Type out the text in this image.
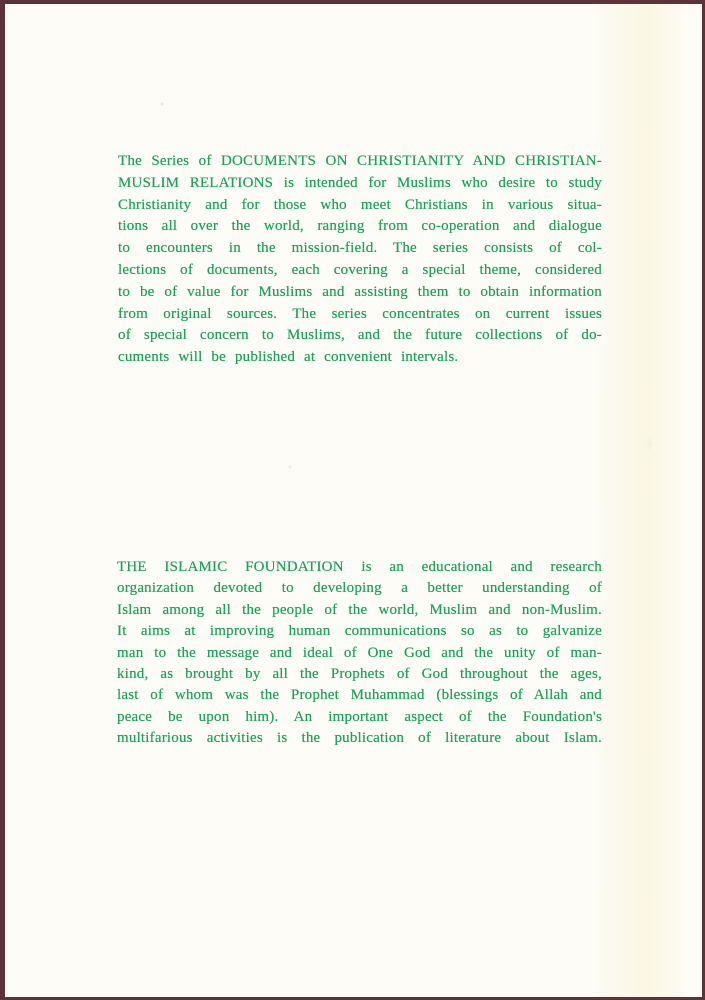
The Series of DOCUMENTS ON CHRISTIANITY AND CHRISTIAN-
MUSLIM RELATIONS is intended for Muslims who desire to study
Christianity and for those who meet Christians in various situa-
tions all over the world, ranging from co-operation and dialogue
to encounters in the mission-field. The series consists of col-
lections of documents, each covering a special theme, considered
to be of value for Muslims and assisting them to obtain information
from original sources. The series concentrates on current issues
of special concern to Muslims, and the future collections of do-
cuments will be published at convenient intervals.
THE ISLAMIC FOUNDATION is an educational and research
organization devoted to developing a better understanding of
Islam among all the people of the world, Muslim and non-Muslim.
It aims at improving human communications so as to galvanize
man to the message and ideal of One God and the unity of man-
kind, as brought by all the Prophets of God throughout the ages,
last of whom was the Prophet Muhammad (blessings of Allah and
peace be upon him). An important aspect of the Foundation's
multifarious activities is the publication of literature about Islam.
